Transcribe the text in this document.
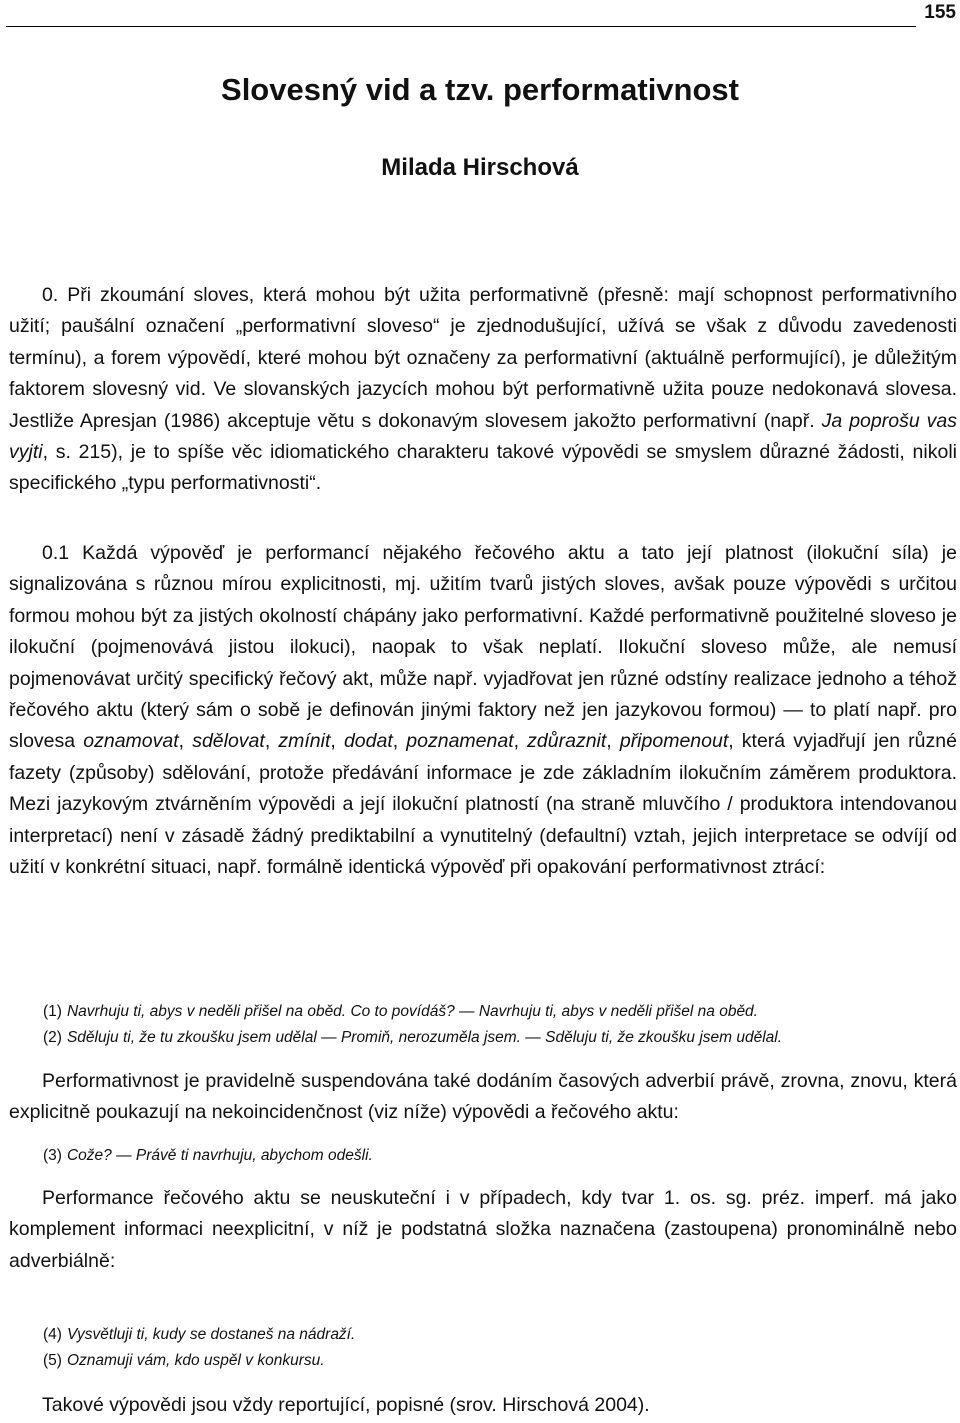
155
Slovesný vid a tzv. performativnost
Milada Hirschová

0. Při zkoumání sloves, která mohou být užita performativně (přesně: mají schopnost performativního užití; paušální označení „performativní sloveso“ je zjednodušující, užívá se však z důvodu zavedenosti termínu), a forem výpovědí, které mohou být označeny za performativní (aktuálně performující), je důležitým faktorem slovesný vid. Ve slovanských jazycích mohou být performativně užita pouze nedokonavá slovesa. Jestliže Apresjan (1986) akceptuje větu s dokonavým slovesem jakožto performativní (např. Ja poprošu vas vyjti, s. 215), je to spíše věc idiomatického charakteru takové výpovědi se smyslem důrazné žádosti, nikoli specifického „typu performativnosti“.

0.1 Každá výpověď je performancí nějakého řečového aktu a tato její platnost (ilokuční síla) je signalizována s různou mírou explicitnosti, mj. užitím tvarů jistých sloves, avšak pouze výpovědi s určitou formou mohou být za jistých okolností chápány jako performativní. Každé performativně použitelné sloveso je ilokuční (pojmenovává jistou ilokuci), naopak to však neplatí. Ilokuční sloveso může, ale nemusí pojmenovávat určitý specifický řečový akt, může např. vyjadřovat jen různé odstíny realizace jednoho a téhož řečového aktu (který sám o sobě je definován jinými faktory než jen jazykovou formou) — to platí např. pro slovesa oznamovat, sdělovat, zmínit, dodat, poznamenat, zdůraznit, připomenout, která vyjadřují jen různé fazety (způsoby) sdělování, protože předávání informace je zde základním ilokučním záměrem produktora. Mezi jazykovým ztvárněním výpovědi a její ilokuční platností (na straně mluvčího / produktora intendovanou interpretací) není v zásadě žádný prediktabilní a vynutitelný (defaultní) vztah, jejich interpretace se odvíjí od užití v konkrétní situaci, např. formálně identická výpověď při opakování performativnost ztrácí:

(1) Navrhuju ti, abys v neděli přišel na oběd. Co to povídáš? — Navrhuju ti, abys v neděli přišel na oběd.
(2) Sděluju ti, že tu zkoušku jsem udělal — Promiň, nerozuměla jsem. — Sděluju ti, že zkoušku jsem udělal.

Performativnost je pravidelně suspendována také dodáním časových adverbií právě, zrovna, znovu, která explicitně poukazují na nekoincidenčnost (viz níže) výpovědi a řečového aktu:

(3) Cože? — Právě ti navrhuju, abychom odešli.

Performance řečového aktu se neuskuteční i v případech, kdy tvar 1. os. sg. préz. imperf. má jako komplement informaci neexplicitní, v níž je podstatná složka naznačena (zastoupena) pronominálně nebo adverbiálně:

(4) Vysvětluji ti, kudy se dostaneš na nádraží.
(5) Oznamuji vám, kdo uspěl v konkursu.

Takové výpovědi jsou vždy reportující, popisné (srov. Hirschová 2004).
